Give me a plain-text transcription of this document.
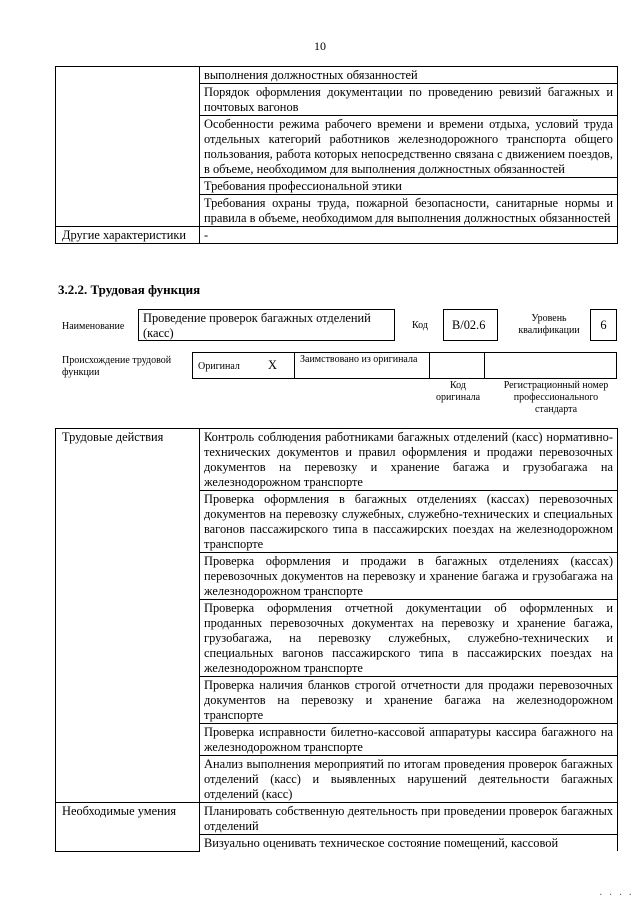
10
	выполнения должностных обязанностей
	Порядок оформления документации по проведению ревизий багажных и почтовых вагонов
	Особенности режима рабочего времени и времени отдыха, условий труда отдельных категорий работников железнодорожного транспорта общего пользования, работа которых непосредственно связана с движением поездов, в объеме, необходимом для выполнения должностных обязанностей
	Требования профессиональной этики
	Требования охраны труда, пожарной безопасности, санитарные нормы и правила в объеме, необходимом для выполнения должностных обязанностей
Другие характеристики	-
3.2.2. Трудовая функция
Наименование
Проведение проверок багажных отделений (касс)
Код	В/02.6	Уровень квалификации	6
Происхождение трудовой функции
Оригинал X Заимствовано из оригинала
Код оригинала
Регистрационный номер профессионального стандарта
Трудовые действия	Контроль соблюдения работниками багажных отделений (касс) нормативно-технических документов и правил оформления и продажи перевозочных документов на перевозку и хранение багажа и грузобагажа на железнодорожном транспорте
	Проверка оформления в багажных отделениях (кассах) перевозочных документов на перевозку служебных, служебно-технических и специальных вагонов пассажирского типа в пассажирских поездах на железнодорожном транспорте
	Проверка оформления и продажи в багажных отделениях (кассах) перевозочных документов на перевозку и хранение багажа и грузобагажа на железнодорожном транспорте
	Проверка оформления отчетной документации об оформленных и проданных перевозочных документах на перевозку и хранение багажа, грузобагажа, на перевозку служебных, служебно-технических и специальных вагонов пассажирского типа в пассажирских поездах на железнодорожном транспорте
	Проверка наличия бланков строгой отчетности для продажи перевозочных документов на перевозку и хранение багажа на железнодорожном транспорте
	Проверка исправности билетно-кассовой аппаратуры кассира багажного на железнодорожном транспорте
	Анализ выполнения мероприятий по итогам проведения проверок багажных отделений (касс) и выявленных нарушений деятельности багажных отделений (касс)
Необходимые умения	Планировать собственную деятельность при проведении проверок багажных отделений
	Визуально оценивать техническое состояние помещений, кассовой
· · · ·
